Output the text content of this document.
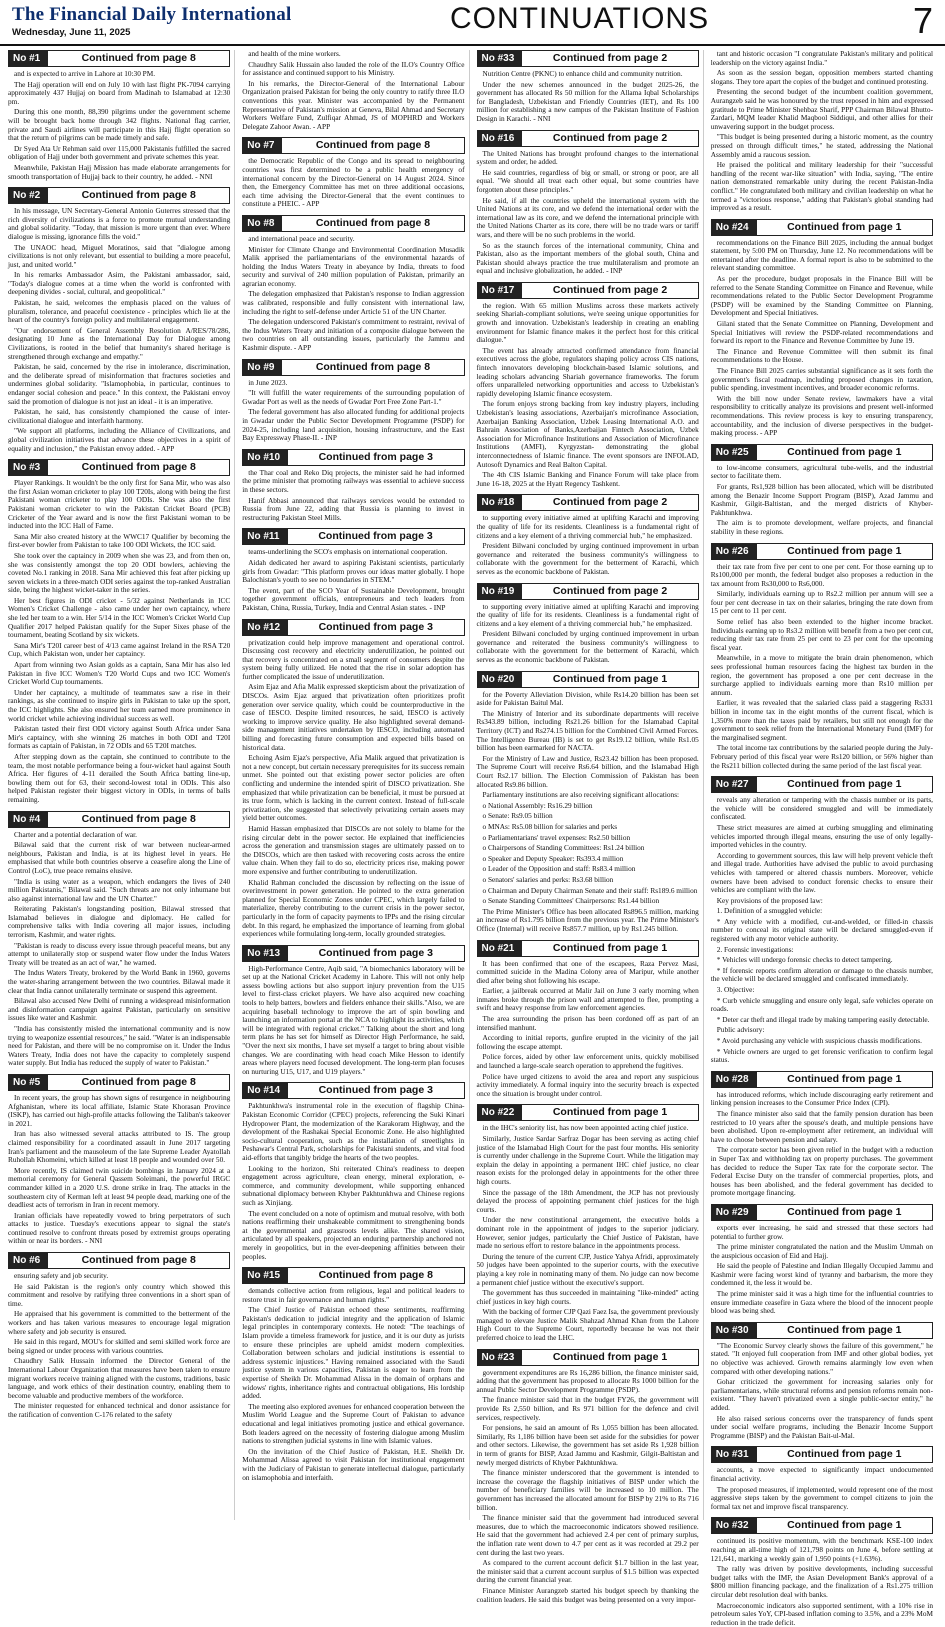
The Financial Daily International
Wednesday, June 11, 2025	CONTINUATIONS	7
No #1	Continued from page 8

and is expected to arrive in Lahore at 10:30 PM.

The Hajj operation will end on July 10 with last flight PK-7094 carrying approximately 437 Hujjaj on board from Madinah to Islamabad at 12:30 pm.

During this one month, 88,390 pilgrims under the government scheme will be brought back home through 342 flights. National flag carrier, private and Saudi airlines will participate in this Hajj flight operation so that the return of pilgrims can be made timely and safe.

Dr Syed Ata Ur Rehman said over 115,000 Pakistanis fulfilled the sacred obligation of Hajj under both government and private schemes this year.

Meanwhile, Pakistan Hajj Mission has made elaborate arrangements for smooth transportation of Hujjaj back to their country, he added. - NNI

No #2	Continued from page 8

In his message, UN Secretary-General Antonio Guterres stressed that the rich diversity of civilizations is a force to promote mutual understanding and global solidarity. "Today, that mission is more urgent than ever. Where dialogue is missing, ignorance fills the void."

The UNAOC head, Miguel Moratinos, said that "dialogue among civilizations is not only relevant, but essential to building a more peaceful, just, and united world."

In his remarks Ambassador Asim, the Pakistani ambassador, said, "Today's dialogue comes at a time when the world is confronted with deepening divides - social, cultural, and geopolitical."

Pakistan, he said, welcomes the emphasis placed on the values of pluralism, tolerance, and peaceful coexistence - principles which lie at the heart of the country's foreign policy and multilateral engagement.

"Our endorsement of General Assembly Resolution A/RES/78/286, designating 10 June as the International Day for Dialogue among Civilizations, is rooted in the belief that humanity's shared heritage is strengthened through exchange and empathy."

Pakistan, he said, concerned by the rise in intolerance, discrimination, and the deliberate spread of misinformation that fractures societies and undermines global solidarity. "Islamophobia, in particular, continues to endanger social cohesion and peace." In this context, the Pakistani envoy said the promotion of dialogue is not just an ideal - it is an imperative.

Pakistan, he said, has consistently championed the cause of inter-civilizational dialogue and interfaith harmony.

"We support all platforms, including the Alliance of Civilizations, and global civilization initiatives that advance these objectives in a spirit of equality and inclusion," the Pakistan envoy added. - APP

No #3	Continued from page 8

Player Rankings. It wouldn't be the only first for Sana Mir, who was also the first Asian woman cricketer to play 100 T20Is, along with being the first Pakistani woman cricketer to play 100 ODIs. She was also the first Pakistani woman cricketer to win the Pakistan Cricket Board (PCB) Cricketer of the Year award and is now the first Pakistani woman to be inducted into the ICC Hall of Fame.

Sana Mir also created history at the WWC17 Qualifier by becoming the first-ever bowler from Pakistan to take 100 ODI Wickets, the ICC said.

She took over the captaincy in 2009 when she was 23, and from then on, she was consistently amongst the top 20 ODI bowlers, achieving the coveted No.1 ranking in 2018. Sana Mir achieved this feat after picking up seven wickets in a three-match ODI series against the top-ranked Australian side, being the highest wicket-taker in the series.

Her best figures in ODI cricket - 5/32 against Netherlands in ICC Women's Cricket Challenge - also came under her own captaincy, where she led her team to a win. Her 5/14 in the ICC Women's Cricket World Cup Qualifier 2017 helped Pakistan qualify for the Super Sixes phase of the tournament, beating Scotland by six wickets.

Sana Mir's T20I career best of 4/13 came against Ireland in the RSA T20 Cup, which Pakistan won, under her captaincy.

Apart from winning two Asian golds as a captain, Sana Mir has also led Pakistan in five ICC Women's T20 World Cups and two ICC Women's Cricket World Cup tournaments.

Under her captaincy, a multitude of teammates saw a rise in their rankings, as she continued to inspire girls in Pakistan to take up the sport, the ICC highlights. She also ensured her team earned more prominence in world cricket while achieving individual success as well.

Pakistan tasted their first ODI victory against South Africa under Sana Mir's captaincy, with she winning 26 matches in both ODI and T20I formats as captain of Pakistan, in 72 ODIs and 65 T20I matches.

After stepping down as the captain, she continued to contribute to the team, the most notable performance being a four-wicket haul against South Africa. Her figures of 4-11 derailed the South Africa batting line-up, bowling them out for 63, their second-lowest total in ODIs. This also helped Pakistan register their biggest victory in ODIs, in terms of balls remaining.

No #4	Continued from page 8

Charter and a potential declaration of war.

Bilawal said that the current risk of war between nuclear-armed neighbours, Pakistan and India, is at its highest level in years. He emphasised that while both countries observe a ceasefire along the Line of Control (LoC), true peace remains elusive.

"India is using water as a weapon, which endangers the lives of 240 million Pakistanis," Bilawal said. "Such threats are not only inhumane but also against international law and the UN Charter."

Reiterating Pakistan's longstanding position, Bilawal stressed that Islamabad believes in dialogue and diplomacy. He called for comprehensive talks with India covering all major issues, including terrorism, Kashmir, and water rights.

"Pakistan is ready to discuss every issue through peaceful means, but any attempt to unilaterally stop or suspend water flow under the Indus Waters Treaty will be treated as an act of war," he warned.

The Indus Waters Treaty, brokered by the World Bank in 1960, governs the water-sharing arrangement between the two countries. Bilawal made it clear that India cannot unilaterally terminate or suspend this agreement.

Bilawal also accused New Delhi of running a widespread misinformation and disinformation campaign against Pakistan, particularly on sensitive issues like water and Kashmir.

"India has consistently misled the international community and is now trying to weaponize essential resources," he said. "Water is an indispensable need for Pakistan, and there will be no compromise on it. Under the Indus Waters Treaty, India does not have the capacity to completely suspend water supply. But India has reduced the supply of water to Pakistan."

No #5	Continued from page 8

In recent years, the group has shown signs of resurgence in neighbouring Afghanistan, where its local affiliate, Islamic State Khorasan Province (ISKP), has carried out high-profile attacks following the Taliban's takeover in 2021.

Iran has also witnessed several attacks attributed to IS. The group claimed responsibility for a coordinated assault in June 2017 targeting Iran's parliament and the mausoleum of the late Supreme Leader Ayatollah Ruhollah Khomeini, which killed at least 18 people and wounded over 50.

More recently, IS claimed twin suicide bombings in January 2024 at a memorial ceremony for General Qassem Soleimani, the powerful IRGC commander killed in a 2020 U.S. drone strike in Iraq. The attacks in the southeastern city of Kerman left at least 94 people dead, marking one of the deadliest acts of terrorism in Iran in recent memory.

Iranian officials have repeatedly vowed to bring perpetrators of such attacks to justice. Tuesday's executions appear to signal the state's continued resolve to confront threats posed by extremist groups operating within or near its borders. - NNI

No #6	Continued from page 8

ensuring safety and job security.

He said Pakistan is the region's only country which showed this commitment and resolve by ratifying three conventions in a short span of time.

He appraised that his government is committed to the betterment of the workers and has taken various measures to encourage legal migration where safety and job security is ensured.

He said in this regard, MOU's for skilled and semi skilled work force are being signed or under process with various countries.

Chaudhry Salik Hussain informed the Director General of the International Labour Organization that measures have been taken to ensure migrant workers receive training aligned with the customs, traditions, basic language, and work ethics of their destination country, enabling them to become valuable and productive members of the workforce.

The minister requested for enhanced technical and donor assistance for the ratification of convention C-176 related to the safety

and health of the mine workers.

Chaudhry Salik Hussain also lauded the role of the ILO's Country Office for assistance and continued support to his Ministry.

In his remarks, the Director-General of the International Labour Organization praised Pakistan for being the only country to ratify three ILO conventions this year. Minister was accompanied by the Permanent Representative of Pakistan's mission at Geneva, Bilal Ahmad and Secretary Workers Welfare Fund, Zulfiqar Ahmad, JS of MOPHRD and Workers Delegate Zahoor Awan. - APP

No #7	Continued from page 8

the Democratic Republic of the Congo and its spread to neighbouring countries was first determined to be a public health emergency of international concern by the Director-General on 14 August 2024. Since then, the Emergency Committee has met on three additional occasions, each time advising the Director-General that the event continues to constitute a PHEIC. - APP

No #8	Continued from page 8

and international peace and security.

Minister for Climate Change and Environmental Coordination Musadik Malik apprised the parliamentarians of the environmental hazards of holding the Indus Waters Treaty in abeyance by India, threats to food security and survival of 240 million population of Pakistan, primarily an agrarian economy.

The delegation emphasized that Pakistan's response to Indian aggression was calibrated, responsible and fully consistent with international law, including the right to self-defense under Article 51 of the UN Charter.

The delegation underscored Pakistan's commitment to restraint, revival of the Indus Waters Treaty and initiation of a composite dialogue between the two countries on all outstanding issues, particularly the Jammu and Kashmir dispute. - APP

No #9	Continued from page 8

in June 2023.

"It will fulfill the water requirements of the surrounding population of Gwadar Port as well as the needs of Gwadar Port Free Zone Part-1."

The federal government has also allocated funding for additional projects in Gwadar under the Public Sector Development Programme (PSDP) for 2024-25, including land acquisition, housing infrastructure, and the East Bay Expressway Phase-II. - INP

No #10	Continued from page 3

the Thar coal and Reko Diq projects, the minister said he had informed the prime minister that promoting railways was essential to achieve success in these sectors.

Hanif Abbasi announced that railways services would be extended to Russia from June 22, adding that Russia is planning to invest in restructuring Pakistan Steel Mills.

No #11	Continued from page 3

teams-underlining the SCO's emphasis on international cooperation.

Aidah dedicated her award to aspiring Pakistani scientists, particularly girls from Gwadar: "This platform proves our ideas matter globally. I hope Balochistan's youth to see no boundaries in STEM."

The event, part of the SCO Year of Sustainable Development, brought together government officials, entrepreneurs and tech leaders from Pakistan, China, Russia, Turkey, India and Central Asian states. - INP

No #12	Continued from page 3

privatization could help improve management and operational control. Discussing cost recovery and electricity underutilization, he pointed out that recovery is concentrated on a small segment of consumers despite the system being fully utilized. He noted that the rise in solar adoption has further complicated the issue of underutilization.

Asim Ejaz and Afia Malik expressed skepticism about the privatization of DISCOs. Asim Ejaz argued that privatization often prioritizes profit generation over service quality, which could be counterproductive in the case of IESCO. Despite limited resources, he said, IESCO is actively working to improve service quality. He also highlighted several demand-side management initiatives undertaken by IESCO, including automated billing and forecasting future consumption and expected bills based on historical data.

Echoing Asim Ejaz's perspective, Afia Malik argued that privatization is not a new concept, but certain necessary prerequisites for its success remain unmet. She pointed out that existing power sector policies are often conflicting and undermine the intended spirit of DISCO privatization. She emphasized that while privatization can be beneficial, it must be pursued at its true form, which is lacking in the current context. Instead of full-scale privatization, she suggested that selectively privatizing certain assets may yield better outcomes.

Hamid Hassan emphasized that DISCOs are not solely to blame for the rising circular debt in the power sector. He explained that inefficiencies across the generation and transmission stages are ultimately passed on to the DISCOs, which are then tasked with recovering costs across the entire value chain. When they fail to do so, electricity prices rise, making power more expensive and further contributing to underutilization.

Khalid Rahman concluded the discussion by reflecting on the issue of overinvestment in power generation. He pointed to the extra generation planned for Special Economic Zones under CPEC, which largely failed to materialize, thereby contributing to the current crisis in the power sector, particularly in the form of capacity payments to IPPs and the rising circular debt. In this regard, he emphasized the importance of learning from global experiences while formulating long-term, locally grounded strategies.

No #13	Continued from page 3

High-Performance Centre, Aqib said, "A biomechanics laboratory will be set up at the National Cricket Academy in Lahore. This will not only help assess bowling actions but also support injury prevention from the U15 level to first-class cricket players. We have also acquired new coaching tools to help batters, bowlers and fielders enhance their skills."Also, we are acquiring baseball technology to improve the art of spin bowling and launching an information portal at the NCA to highlight its activities, which will be integrated with regional cricket." Talking about the short and long term plans he has set for himself as Director High Performance, he said, "Over the next six months, I have set myself a target to bring about visible changes. We are coordinating with head coach Mike Hesson to identify areas where players need focused development. The long-term plan focuses on nurturing U15, U17, and U19 players."

No #14	Continued from page 3

Pakhtunkhwa's instrumental role in the execution of flagship China-Pakistan Economic Corridor (CPEC) projects, referencing the Suki Kinari Hydropower Plant, the modernization of the Karakoram Highway, and the development of the Rashakai Special Economic Zone. He also highlighted socio-cultural cooperation, such as the installation of streetlights in Peshawar's Central Park, scholarships for Pakistani students, and vital food aid-efforts that tangibly bridge the hearts of the two peoples.

Looking to the horizon, Shi reiterated China's readiness to deepen engagement across agriculture, clean energy, mineral exploration, e-commerce, and community development, while supporting enhanced subnational diplomacy between Khyber Pakhtunkhwa and Chinese regions such as Xinjiang.

The event concluded on a note of optimism and mutual resolve, with both nations reaffirming their unshakeable commitment to strengthening bonds at the governmental and grassroots levels alike. The shared vision, articulated by all speakers, projected an enduring partnership anchored not merely in geopolitics, but in the ever-deepening affinities between their peoples.

No #15	Continued from page 8

demands collective action from religious, legal and political leaders to restore trust in fair governance and human rights."

The Chief Justice of Pakistan echoed these sentiments, reaffirming Pakistan's dedication to judicial integrity and the application of Islamic legal principles in contemporary contexts. He noted: "The teachings of Islam provide a timeless framework for justice, and it is our duty as jurists to ensure these principles are upheld amidst modern complexities. Collaboration between scholars and judicial institutions is essential to address systemic injustices." Having remained associated with the Saudi justice system in various capacities, Pakistan is eager to learn from the expertise of Sheikh Dr. Mohammad Alissa in the domain of orphans and widows' rights, inheritance rights and contractual obligations, His lordship added.

The meeting also explored avenues for enhanced cooperation between the Muslim World League and the Supreme Court of Pakistan to advance educational and legal initiatives promoting justice and ethical governance. Both leaders agreed on the necessity of fostering dialogue among Muslim nations to strengthen judicial systems in line with Islamic values.

On the invitation of the Chief Justice of Pakistan, H.E. Sheikh Dr. Mohammad Alissa agreed to visit Pakistan for institutional engagement with the Judiciary of Pakistan to generate intellectual dialogue, particularly on islamophobia and interfaith.

No #33	Continued from page 2

Nutrition Centre (PKNC) to enhance child and community nutrition.

Under the new schemes announced in the budget 2025-26, the government has allocated Rs 50 million for the Allama Iqbal Scholarships for Bangladesh, Uzbekistan and Friendly Countries (IET), and Rs 100 million for establishing a new campus of the Pakistan Institute of Fashion Design in Karachi. - NNI

No #16	Continued from page 2

The United Nations has brought profound changes to the international system and order, he added.

He said countries, regardless of big or small, or strong or poor, are all equal. "We should all treat each other equal, but some countries have forgotten about these principles."

He said, if all the countries upheld the international system with the United Nations at its core, and we defend the international order with the international law as its core, and we defend the international principle with the United Nations Charter as its core, there will be no trade wars or tariff wars, and there will be no such problems in the world.

So as the staunch forces of the international community, China and Pakistan, also as the important members of the global south, China and Pakistan should always practice the true multilateralism and promote an equal and inclusive globalization, he added. - INP

No #17	Continued from page 2

the region. With 65 million Muslims across these markets actively seeking Shariah-compliant solutions, we're seeing unique opportunities for growth and innovation. Uzbekistan's leadership in creating an enabling environment for Islamic finance makes it the perfect host for this critical dialogue."

The event has already attracted confirmed attendance from financial executives across the globe, regulators shaping policy across CIS nations, fintech innovators developing blockchain-based Islamic solutions, and leading scholars advancing Shariah governance frameworks. The forum offers unparalleled networking opportunities and access to Uzbekistan's rapidly developing Islamic finance ecosystem.

The forum enjoys strong backing from key industry players, including Uzbekistan's leasing associations, Azerbaijan's microfinance Association, Azerbaijan Banking Association, Uzbek Leasing International A.O. and Bahrain Association of Banks,Azerbaijan Fintech Association, Uzbek Association for Microfinance Institutions and Association of Microfinance Institutions (AMFI), Kyrgyzstan- demonstrating the global interconnectedness of Islamic finance. The event sponsors are INFOLAD, Autosoft Dynamics and Real Balton Capital.

The 4th CIS Islamic Banking and Finance Forum will take place from June 16-18, 2025 at the Hyatt Regency Tashkent.

No #18	Continued from page 2

to supporting every initiative aimed at uplifting Karachi and improving the quality of life for its residents. Cleanliness is a fundamental right of citizens and a key element of a thriving commercial hub," he emphasized.

President Bilwani concluded by urging continued improvement in urban governance and reiterated the business community's willingness to collaborate with the government for the betterment of Karachi, which serves as the economic backbone of Pakistan.

No #19	Continued from page 2

to supporting every initiative aimed at uplifting Karachi and improving the quality of life for its residents. Cleanliness is a fundamental right of citizens and a key element of a thriving commercial hub," he emphasized.

President Bilwani concluded by urging continued improvement in urban governance and reiterated the business community's willingness to collaborate with the government for the betterment of Karachi, which serves as the economic backbone of Pakistan.

No #20	Continued from page 1

for the Poverty Alleviation Division, while Rs14.20 billion has been set aside for Pakistan Baitul Mal.

The Ministry of Interior and its subordinate departments will receive Rs343.89 billion, including Rs21.26 billion for the Islamabad Capital Territory (ICT) and Rs274.15 billion for the Combined Civil Armed Forces. The Intelligence Bureau (IB) is set to get Rs19.12 billion, while Rs1.05 billion has been earmarked for NACTA.

For the Ministry of Law and Justice, Rs23.42 billion has been proposed. The Supreme Court will receive Rs6.64 billion, and the Islamabad High Court Rs2.17 billion. The Election Commission of Pakistan has been allocated Rs9.86 billion.

Parliamentary institutions are also receiving significant allocations:

o National Assembly: Rs16.29 billion

o Senate: Rs9.05 billion

o MNAs: Rs5.08 billion for salaries and perks

o Parliamentarians' travel expenses: Rs2.50 billion

o Chairpersons of Standing Committees: Rs1.24 billion

o Speaker and Deputy Speaker: Rs393.4 million

o Leader of the Opposition and staff: Rs83.4 million

o Senators' salaries and perks: Rs3.68 billion

o Chairman and Deputy Chairman Senate and their staff: Rs189.6 million

o Senate Standing Committees' Chairpersons: Rs1.44 billion

The Prime Minister's Office has been allocated Rs896.5 million, marking an increase of Rs1.795 billion from the previous year. The Prime Minister's Office (Internal) will receive Rs857.7 million, up by Rs1.245 billion.

No #21	Continued from page 1

It has been confirmed that one of the escapees, Raza Pervez Masi, committed suicide in the Madina Colony area of Maripur, while another died after being shot following his escape.

Earlier, a jailbreak occurred at Malir Jail on June 3 early morning when inmates broke through the prison wall and attempted to flee, prompting a swift and heavy response from law enforcement agencies.

The area surrounding the prison has been cordoned off as part of an intensified manhunt.

According to initial reports, gunfire erupted in the vicinity of the jail following the escape attempt.

Police forces, aided by other law enforcement units, quickly mobilised and launched a large-scale search operation to apprehend the fugitives.

Police have urged citizens to avoid the area and report any suspicious activity immediately. A formal inquiry into the security breach is expected once the situation is brought under control.

No #22	Continued from page 1

in the IHC's seniority list, has now been appointed acting chief justice.

Similarly, Justice Sardar Sarfraz Dogar has been serving as acting chief justice of the Islamabad High Court for the past four months. His seniority is currently under challenge in the Supreme Court. While the litigation may explain the delay in appointing a permanent IHC chief justice, no clear reason exists for the prolonged delay in appointments for the other three high courts.

Since the passage of the 18th Amendment, the JCP has not previously delayed the process of appointing permanent chief justices for the high courts.

Under the new constitutional arrangement, the executive holds a dominant role in the appointment of judges to the superior judiciary. However, senior judges, particularly the Chief Justice of Pakistan, have made no serious effort to restore balance in the appointments process.

During the tenure of the current CJP, Justice Yahya Afridi, approximately 50 judges have been appointed to the superior courts, with the executive playing a key role in nominating many of them. No judge can now become a permanent chief justice without the executive's support.

The government has thus succeeded in maintaining "like-minded" acting chief justices in key high courts.

With the backing of former CJP Qazi Faez Isa, the government previously managed to elevate Justice Malik Shahzad Ahmad Khan from the Lahore High Court to the Supreme Court, reportedly because he was not their preferred choice to lead the LHC.

No #23	Continued from page 1

government expenditures are Rs 16,286 billion, the finance minister said, adding that the government has proposed to allocate Rs 1000 billion for the annual Public Sector Development Programme (PSDP).

The finance minister said that in the budget FY26, the government will provide Rs 2,550 billion, and Rs 971 billion for the defence and civil services, respectively.

For pensions, he said an amount of Rs 1,055 billion has been allocated. Similarly, Rs 1,186 billion have been set aside for the subsidies for power and other sectors. Likewise, the government has set aside Rs 1,928 billion in term of grants for BISP, Azad Jammu and Kashmir, Gilgit-Baltistan and newly merged districts of Khyber Pakhtunkhwa.

The finance minister underscored that the government is intended to increase the coverage the flagship initiatives of BISP under which the number of beneficiary families will be increased to 10 million. The government has increased the allocated amount for BISP by 21% to Rs 716 billion.

The finance minister said that the government had introduced several measures, due to which the macroeconomic indicators showed resilience. He said that the government had achieved 2.4 per cent of primary surplus, the inflation rate went down to 4.7 per cent as it was recorded at 29.2 per cent during the last two years.

As compared to the current account deficit $1.7 billion in the last year, the minister said that a current account surplus of $1.5 billion was expected during the current financial year.

Finance Minister Aurangzeb started his budget speech by thanking the coalition leaders. He said this budget was being presented on a very impor-

tant and historic occasion "I congratulate Pakistan's military and political leadership on the victory against India."

As soon as the session began, opposition members started chanting slogans. They tore apart the copies of the budget and continued protesting.

Presenting the second budget of the incumbent coalition government, Aurangzeb said he was honoured by the trust reposed in him and expressed gratitude to Prime Minister Shehbaz Sharif, PPP Chairman Bilawal Bhutto-Zardari, MQM leader Khalid Maqbool Siddiqui, and other allies for their unwavering support in the budget process.

"This budget is being presented during a historic moment, as the country pressed on through difficult times," he stated, addressing the National Assembly amid a raucous session.

He praised the political and military leadership for their "successful handling of the recent war-like situation" with India, saying, "The entire nation demonstrated remarkable unity during the recent Pakistan-India conflict." He congratulated both military and civilian leadership on what he termed a "victorious response," adding that Pakistan's global standing had improved as a result.

No #24	Continued from page 1

recommendations on the Finance Bill 2025, including the annual budget statement, by 5:00 PM on Thursday, June 12. No recommendations will be entertained after the deadline. A formal report is also to be submitted to the relevant standing committee.

As per the procedure, budget proposals in the Finance Bill will be referred to the Senate Standing Committee on Finance and Revenue, while recommendations related to the Public Sector Development Programme (PSDP) will be examined by the Standing Committee on Planning, Development and Special Initiatives.

Gilani stated that the Senate Committee on Planning, Development and Special Initiatives will review the PSDP-related recommendations and forward its report to the Finance and Revenue Committee by June 19.

The Finance and Revenue Committee will then submit its final recommendations to the House.

The Finance Bill 2025 carries substantial significance as it sets forth the government's fiscal roadmap, including proposed changes in taxation, public spending, investment incentives, and broader economic reforms.

With the bill now under Senate review, lawmakers have a vital responsibility to critically analyze its provisions and present well-informed recommendations. This review process is key to ensuring transparency, accountability, and the inclusion of diverse perspectives in the budget-making process. - APP

No #25	Continued from page 1

to low-income consumers, agricultural tube-wells, and the industrial sector to facilitate them.

For grants, Rs1,928 billion has been allocated, which will be distributed among the Benazir Income Support Program (BISP), Azad Jammu and Kashmir, Gilgit-Baltistan, and the merged districts of Khyber-Pakhtunkhwa.

The aim is to promote development, welfare projects, and financial stability in these regions.

No #26	Continued from page 1

their tax rate from five per cent to one per cent. For those earning up to Rs100,000 per month, the federal budget also proposes a reduction in the tax amount from Rs30,000 to Rs6,000.

Similarly, individuals earning up to Rs2.2 million per annum will see a four per cent decrease in tax on their salaries, bringing the rate down from 15 per cent to 11 per cent.

Some relief has also been extended to the higher income bracket. Individuals earning up to Rs3.2 million will benefit from a two per cent cut, reducing their tax rate from 25 per cent to 23 per cent for the upcoming fiscal year.

Meanwhile, in a move to mitigate the brain drain phenomenon, which sees professional human resources facing the highest tax burden in the region, the government has proposed a one per cent decrease in the surcharge applied to individuals earning more than Rs10 million per annum.

Earlier, it was revealed that the salaried class paid a staggering Rs331 billion in income tax in the eight months of the current fiscal, which is 1,350% more than the taxes paid by retailers, but still not enough for the government to seek relief from the International Monetary Fund (IMF) for the marginalised segment.

The total income tax contributions by the salaried people during the July-February period of this fiscal year were Rs120 billion, or 56% higher than the Rs211 billion collected during the same period of the last fiscal year.

No #27	Continued from page 1

reveals any alteration or tampering with the chassis number or its parts, the vehicle will be considered smuggled and will be immediately confiscated.

These strict measures are aimed at curbing smuggling and eliminating vehicles imported through illegal means, ensuring the use of only legally-imported vehicles in the country.

According to government sources, this law will help prevent vehicle theft and illegal trade. Authorities have advised the public to avoid purchasing vehicles with tampered or altered chassis numbers. Moreover, vehicle owners have been advised to conduct forensic checks to ensure their vehicles are compliant with the law.

Key provisions of the proposed law:

1. Definition of a smuggled vehicle:

* Any vehicle with a modified, cut-and-welded, or filled-in chassis number to conceal its original state will be declared smuggled-even if registered with any motor vehicle authority.

2. Forensic investigations:

* Vehicles will undergo forensic checks to detect tampering.

* If forensic reports confirm alteration or damage to the chassis number, the vehicle will be declared smuggled and confiscated immediately.

3. Objective:

* Curb vehicle smuggling and ensure only legal, safe vehicles operate on roads.

* Deter car theft and illegal trade by making tampering easily detectable.

Public advisory:

* Avoid purchasing any vehicle with suspicious chassis modifications.

* Vehicle owners are urged to get forensic verification to confirm legal status.

No #28	Continued from page 1

has introduced reforms, which include discouraging early retirement and linking pension increases to the Consumer Price Index (CPI).

The finance minister also said that the family pension duration has been restricted to 10 years after the spouse's death, and multiple pensions have been abolished. Upon re-employment after retirement, an individual will have to choose between pension and salary.

The corporate sector has been given relief in the budget with a reduction in Super Tax and withholding tax on property purchases. The government has decided to reduce the Super Tax rate for the corporate sector. The Federal Excise Duty on the transfer of commercial properties, plots, and houses has been abolished, and the federal government has decided to promote mortgage financing.

No #29	Continued from page 1

exports ever increasing, he said and stressed that these sectors had potential to further grow.

The prime minister congratulated the nation and the Muslim Ummah on the auspicious occasion of Eid and Hajj.

He said the people of Palestine and Indian Illegally Occupied Jammu and Kashmir were facing worst kind of tyranny and barbarism, the more they condemned it, the less it would be.

The prime minister said it was a high time for the influential countries to ensure immediate ceasefire in Gaza where the blood of the innocent people blood was being shed.

No #30	Continued from page 1

"The Economic Survey clearly shows the failure of this government," he stated. "It enjoyed full cooperation from IMF and other global bodies, yet no objective was achieved. Growth remains alarmingly low even when compared with other developing nations."

Gohar criticized the government for increasing salaries only for parliamentarians, while structural reforms and pension reforms remain non-existent. "They haven't privatized even a single public-sector entity," he added.

He also raised serious concerns over the transparency of funds spent under social welfare programs, including the Benazir Income Support Programme (BISP) and the Pakistan Bait-ul-Mal.

No #31	Continued from page 1

accounts, a move expected to significantly impact undocumented financial activity.

The proposed measures, if implemented, would represent one of the most aggressive steps taken by the government to compel citizens to join the formal tax net and improve fiscal transparency.

No #32	Continued from page 1

continued its positive momentum, with the benchmark KSE-100 index reaching an all-time high of 121,798 points on June 4, before settling at 121,641, marking a weekly gain of 1,950 points (+1.63%).

The rally was driven by positive developments, including successful budget talks with the IMF, the Asian Development Bank's approval of a $800 million financing package, and the finalization of a Rs1.275 trillion circular debt resolution deal with banks.

Macroeconomic indicators also supported sentiment, with a 10% rise in petroleum sales YoY, CPI-based inflation coming to 3.5%, and a 23% MoM reduction in the trade deficit.
